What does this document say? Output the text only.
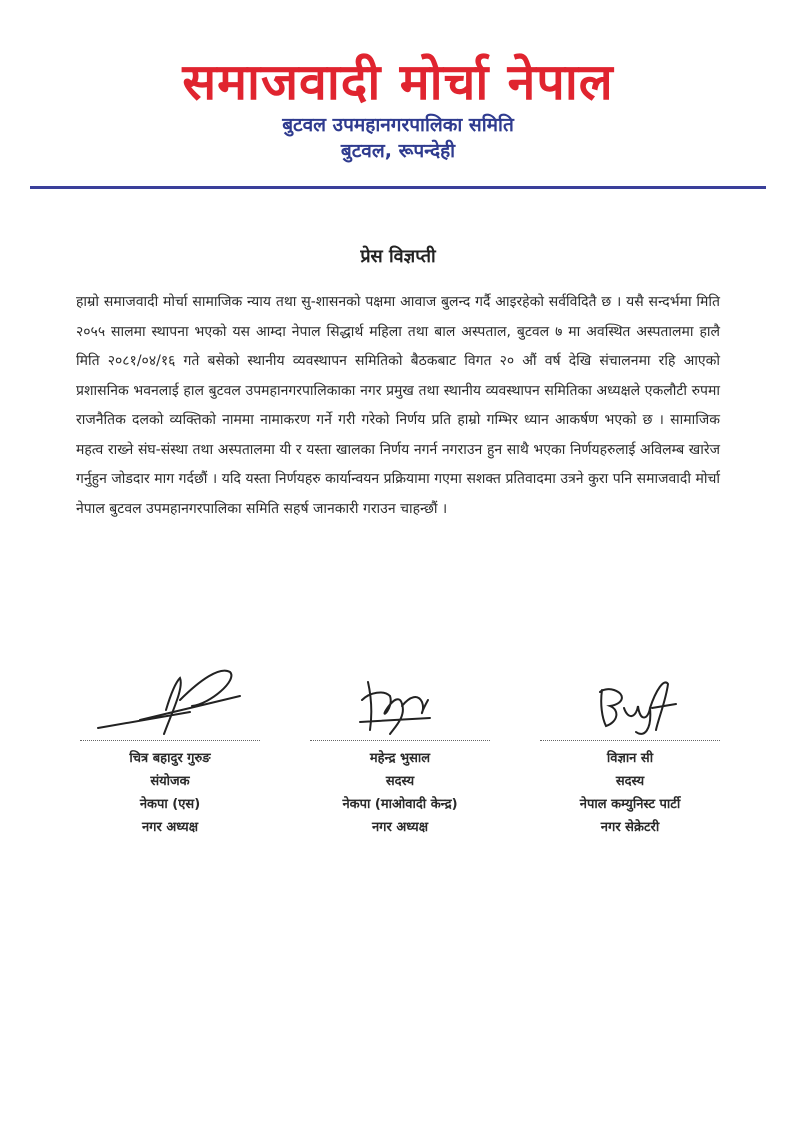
समाजवादी मोर्चा नेपाल
बुटवल उपमहानगरपालिका समिति
बुटवल, रूपन्देही
प्रेस विज्ञप्ती

हाम्रो समाजवादी मोर्चा सामाजिक न्याय तथा सु-शासनको पक्षमा आवाज बुलन्द गर्दै आइरहेको सर्वविदितै छ । यसै सन्दर्भमा मिति २०५५ सालमा स्थापना भएको यस आम्दा नेपाल सिद्धार्थ महिला तथा बाल अस्पताल, बुटवल ७ मा अवस्थित अस्पतालमा हालै मिति २०८१/०४/१६ गते बसेको स्थानीय व्यवस्थापन समितिको बैठकबाट विगत २० औं वर्ष देखि संचालनमा रहि आएको प्रशासनिक भवनलाई हाल बुटवल उपमहानगरपालिकाका नगर प्रमुख तथा स्थानीय व्यवस्थापन समितिका अध्यक्षले एकलौटी रुपमा राजनैतिक दलको व्यक्तिको नाममा नामाकरण गर्ने गरी गरेको निर्णय प्रति हाम्रो गम्भिर ध्यान आकर्षण भएको छ । सामाजिक महत्व राख्ने संघ-संस्था तथा अस्पतालमा यी र यस्ता खालका निर्णय नगर्न नगराउन हुन साथै भएका निर्णयहरुलाई अविलम्ब खारेज गर्नुहुन जोडदार माग गर्दछौं । यदि यस्ता निर्णयहरु कार्यान्वयन प्रक्रियामा गएमा सशक्त प्रतिवादमा उत्रने कुरा पनि समाजवादी मोर्चा नेपाल बुटवल उपमहानगरपालिका समिति सहर्ष जानकारी गराउन चाहन्छौं ।

चित्र बहादुर गुरुङ
संयोजक
नेकपा (एस)
नगर अध्यक्ष
महेन्द्र भुसाल
सदस्य
नेकपा (माओवादी केन्द्र)
नगर अध्यक्ष
विज्ञान सी
सदस्य
नेपाल कम्युनिस्ट पार्टी
नगर सेक्रेटरी
